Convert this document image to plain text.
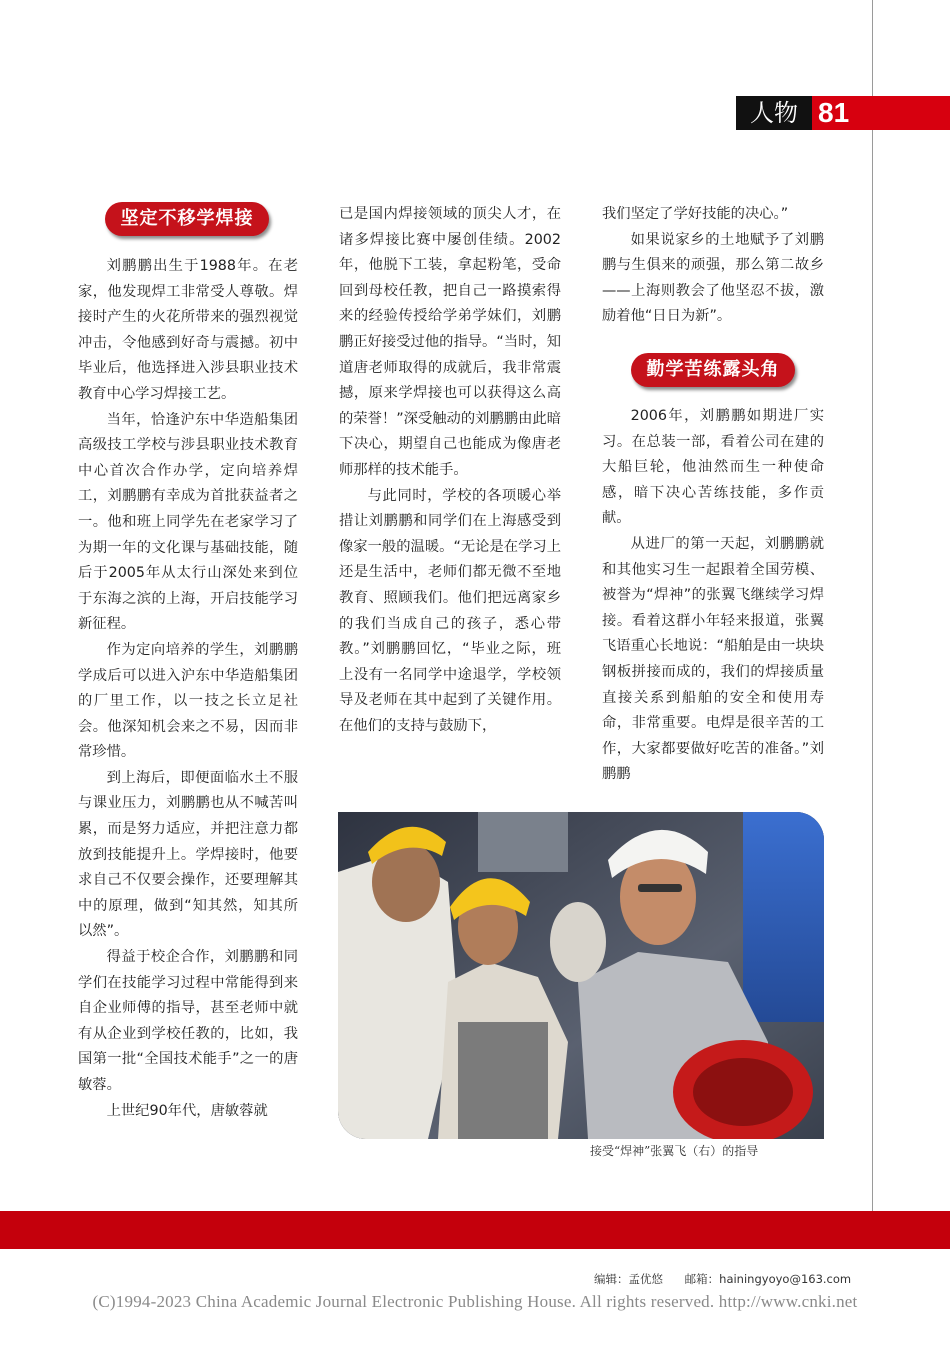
人物 81
坚定不移学焊接

刘鹏鹏出生于1988年。在老家，他发现焊工非常受人尊敬。焊接时产生的火花所带来的强烈视觉冲击，令他感到好奇与震撼。初中毕业后，他选择进入涉县职业技术教育中心学习焊接工艺。

当年，恰逢沪东中华造船集团高级技工学校与涉县职业技术教育中心首次合作办学，定向培养焊工，刘鹏鹏有幸成为首批获益者之一。他和班上同学先在老家学习了为期一年的文化课与基础技能，随后于2005年从太行山深处来到位于东海之滨的上海，开启技能学习新征程。

作为定向培养的学生，刘鹏鹏学成后可以进入沪东中华造船集团的厂里工作，以一技之长立足社会。他深知机会来之不易，因而非常珍惜。

到上海后，即便面临水土不服与课业压力，刘鹏鹏也从不喊苦叫累，而是努力适应，并把注意力都放到技能提升上。学焊接时，他要求自己不仅要会操作，还要理解其中的原理，做到“知其然，知其所以然”。

得益于校企合作，刘鹏鹏和同学们在技能学习过程中常能得到来自企业师傅的指导，甚至老师中就有从企业到学校任教的，比如，我国第一批“全国技术能手”之一的唐敏蓉。

上世纪90年代，唐敏蓉就

已是国内焊接领域的顶尖人才，在诸多焊接比赛中屡创佳绩。2002年，他脱下工装，拿起粉笔，受命回到母校任教，把自己一路摸索得来的经验传授给学弟学妹们，刘鹏鹏正好接受过他的指导。“当时，知道唐老师取得的成就后，我非常震撼，原来学焊接也可以获得这么高的荣誉！”深受触动的刘鹏鹏由此暗下决心，期望自己也能成为像唐老师那样的技术能手。

与此同时，学校的各项暖心举措让刘鹏鹏和同学们在上海感受到像家一般的温暖。“无论是在学习上还是生活中，老师们都无微不至地教育、照顾我们。他们把远离家乡的我们当成自己的孩子，悉心带教。”刘鹏鹏回忆，“毕业之际，班上没有一名同学中途退学，学校领导及老师在其中起到了关键作用。在他们的支持与鼓励下，

我们坚定了学好技能的决心。”

如果说家乡的土地赋予了刘鹏鹏与生俱来的顽强，那么第二故乡——上海则教会了他坚忍不拔，激励着他“日日为新”。

勤学苦练露头角

2006年，刘鹏鹏如期进厂实习。在总装一部，看着公司在建的大船巨轮，他油然而生一种使命感，暗下决心苦练技能，多作贡献。

从进厂的第一天起，刘鹏鹏就和其他实习生一起跟着全国劳模、被誉为“焊神”的张翼飞继续学习焊接。看着这群小年轻来报道，张翼飞语重心长地说：“船舶是由一块块钢板拼接而成的，我们的焊接质量直接关系到船舶的安全和使用寿命，非常重要。电焊是很辛苦的工作，大家都要做好吃苦的准备。”刘鹏鹏

接受“焊神”张翼飞（右）的指导
编辑：孟优悠 邮箱：hainingyoyo@163.com
(C)1994-2023 China Academic Journal Electronic Publishing House. All rights reserved. http://www.cnki.net
